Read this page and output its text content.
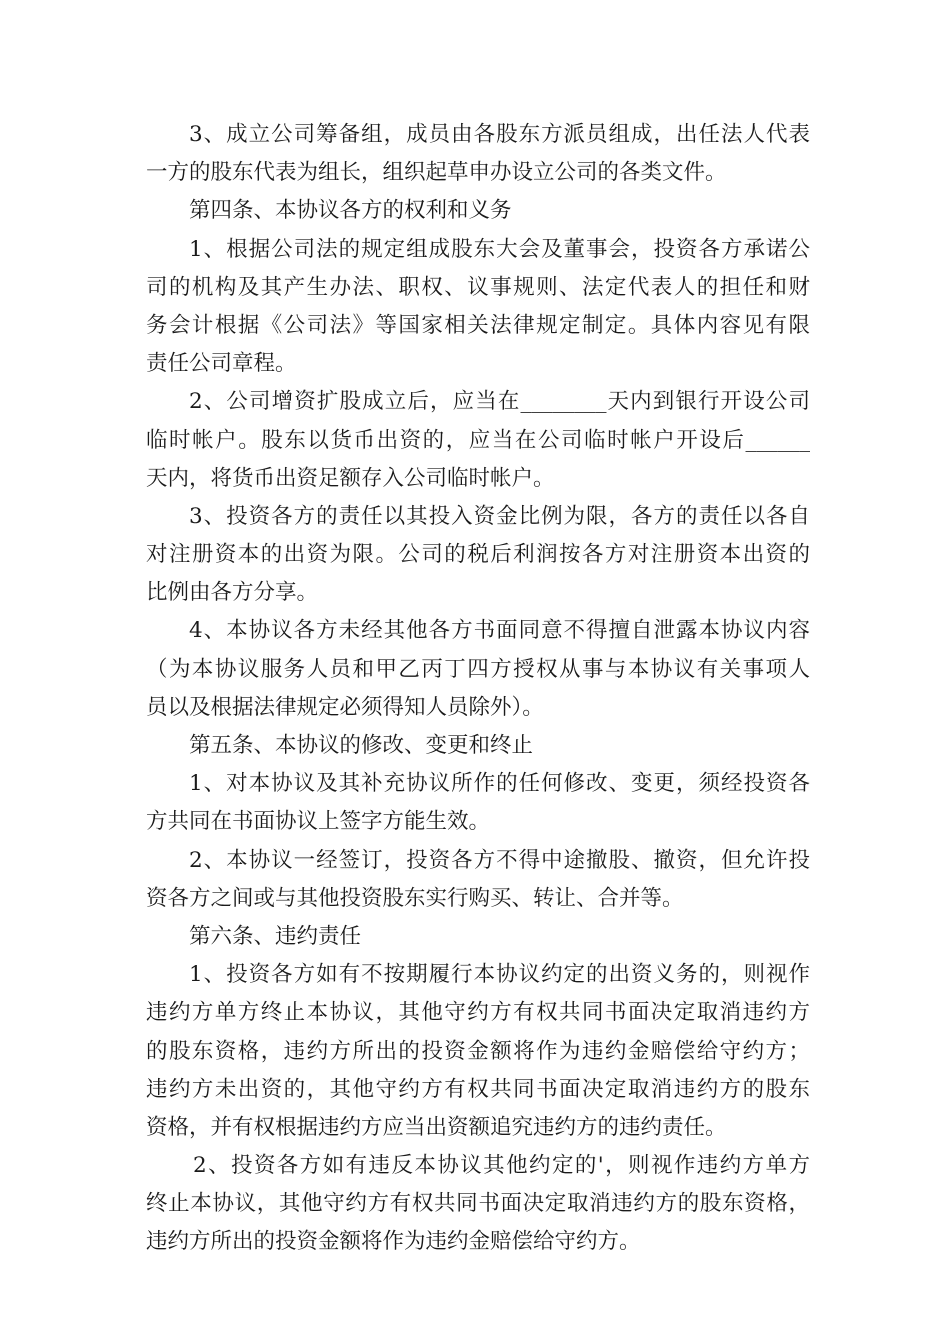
3、成立公司筹备组，成员由各股东方派员组成，出任法人代表
一方的股东代表为组长，组织起草申办设立公司的各类文件。
第四条、本协议各方的权利和义务
1、根据公司法的规定组成股东大会及董事会，投资各方承诺公
司的机构及其产生办法、职权、议事规则、法定代表人的担任和财
务会计根据《公司法》等国家相关法律规定制定。具体内容见有限
责任公司章程。
2、公司增资扩股成立后，应当在________天内到银行开设公司
临时帐户。股东以货币出资的，应当在公司临时帐户开设后______
天内，将货币出资足额存入公司临时帐户。
3、投资各方的责任以其投入资金比例为限，各方的责任以各自
对注册资本的出资为限。公司的税后利润按各方对注册资本出资的
比例由各方分享。
4、本协议各方未经其他各方书面同意不得擅自泄露本协议内容
（为本协议服务人员和甲乙丙丁四方授权从事与本协议有关事项人
员以及根据法律规定必须得知人员除外）。
第五条、本协议的修改、变更和终止
1、对本协议及其补充协议所作的任何修改、变更，须经投资各
方共同在书面协议上签字方能生效。
2、本协议一经签订，投资各方不得中途撤股、撤资，但允许投
资各方之间或与其他投资股东实行购买、转让、合并等。
第六条、违约责任
1、投资各方如有不按期履行本协议约定的出资义务的，则视作
违约方单方终止本协议，其他守约方有权共同书面决定取消违约方
的股东资格，违约方所出的投资金额将作为违约金赔偿给守约方；
违约方未出资的，其他守约方有权共同书面决定取消违约方的股东
资格，并有权根据违约方应当出资额追究违约方的违约责任。
2、投资各方如有违反本协议其他约定的'，则视作违约方单方
终止本协议，其他守约方有权共同书面决定取消违约方的股东资格，
违约方所出的投资金额将作为违约金赔偿给守约方。
